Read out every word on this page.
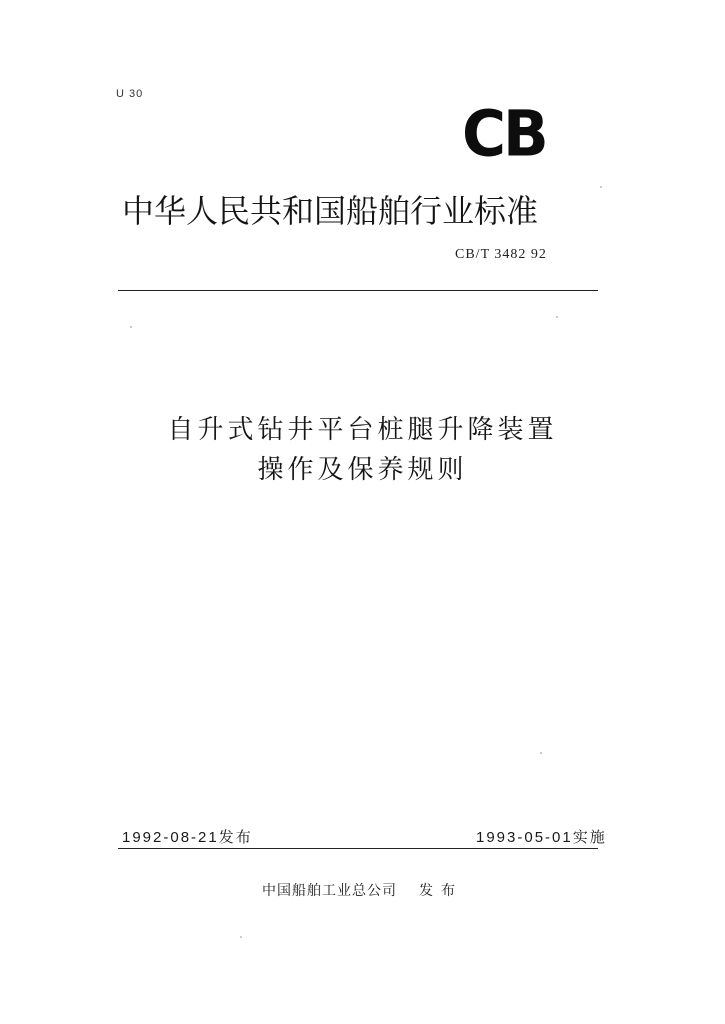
U 30
CB
中华人民共和国船舶行业标准
CB/T 3482 92
自升式钻井平台桩腿升降装置
操作及保养规则
1992-08-21发布	1993-05-01实施
中国船舶工业总公司 发布
